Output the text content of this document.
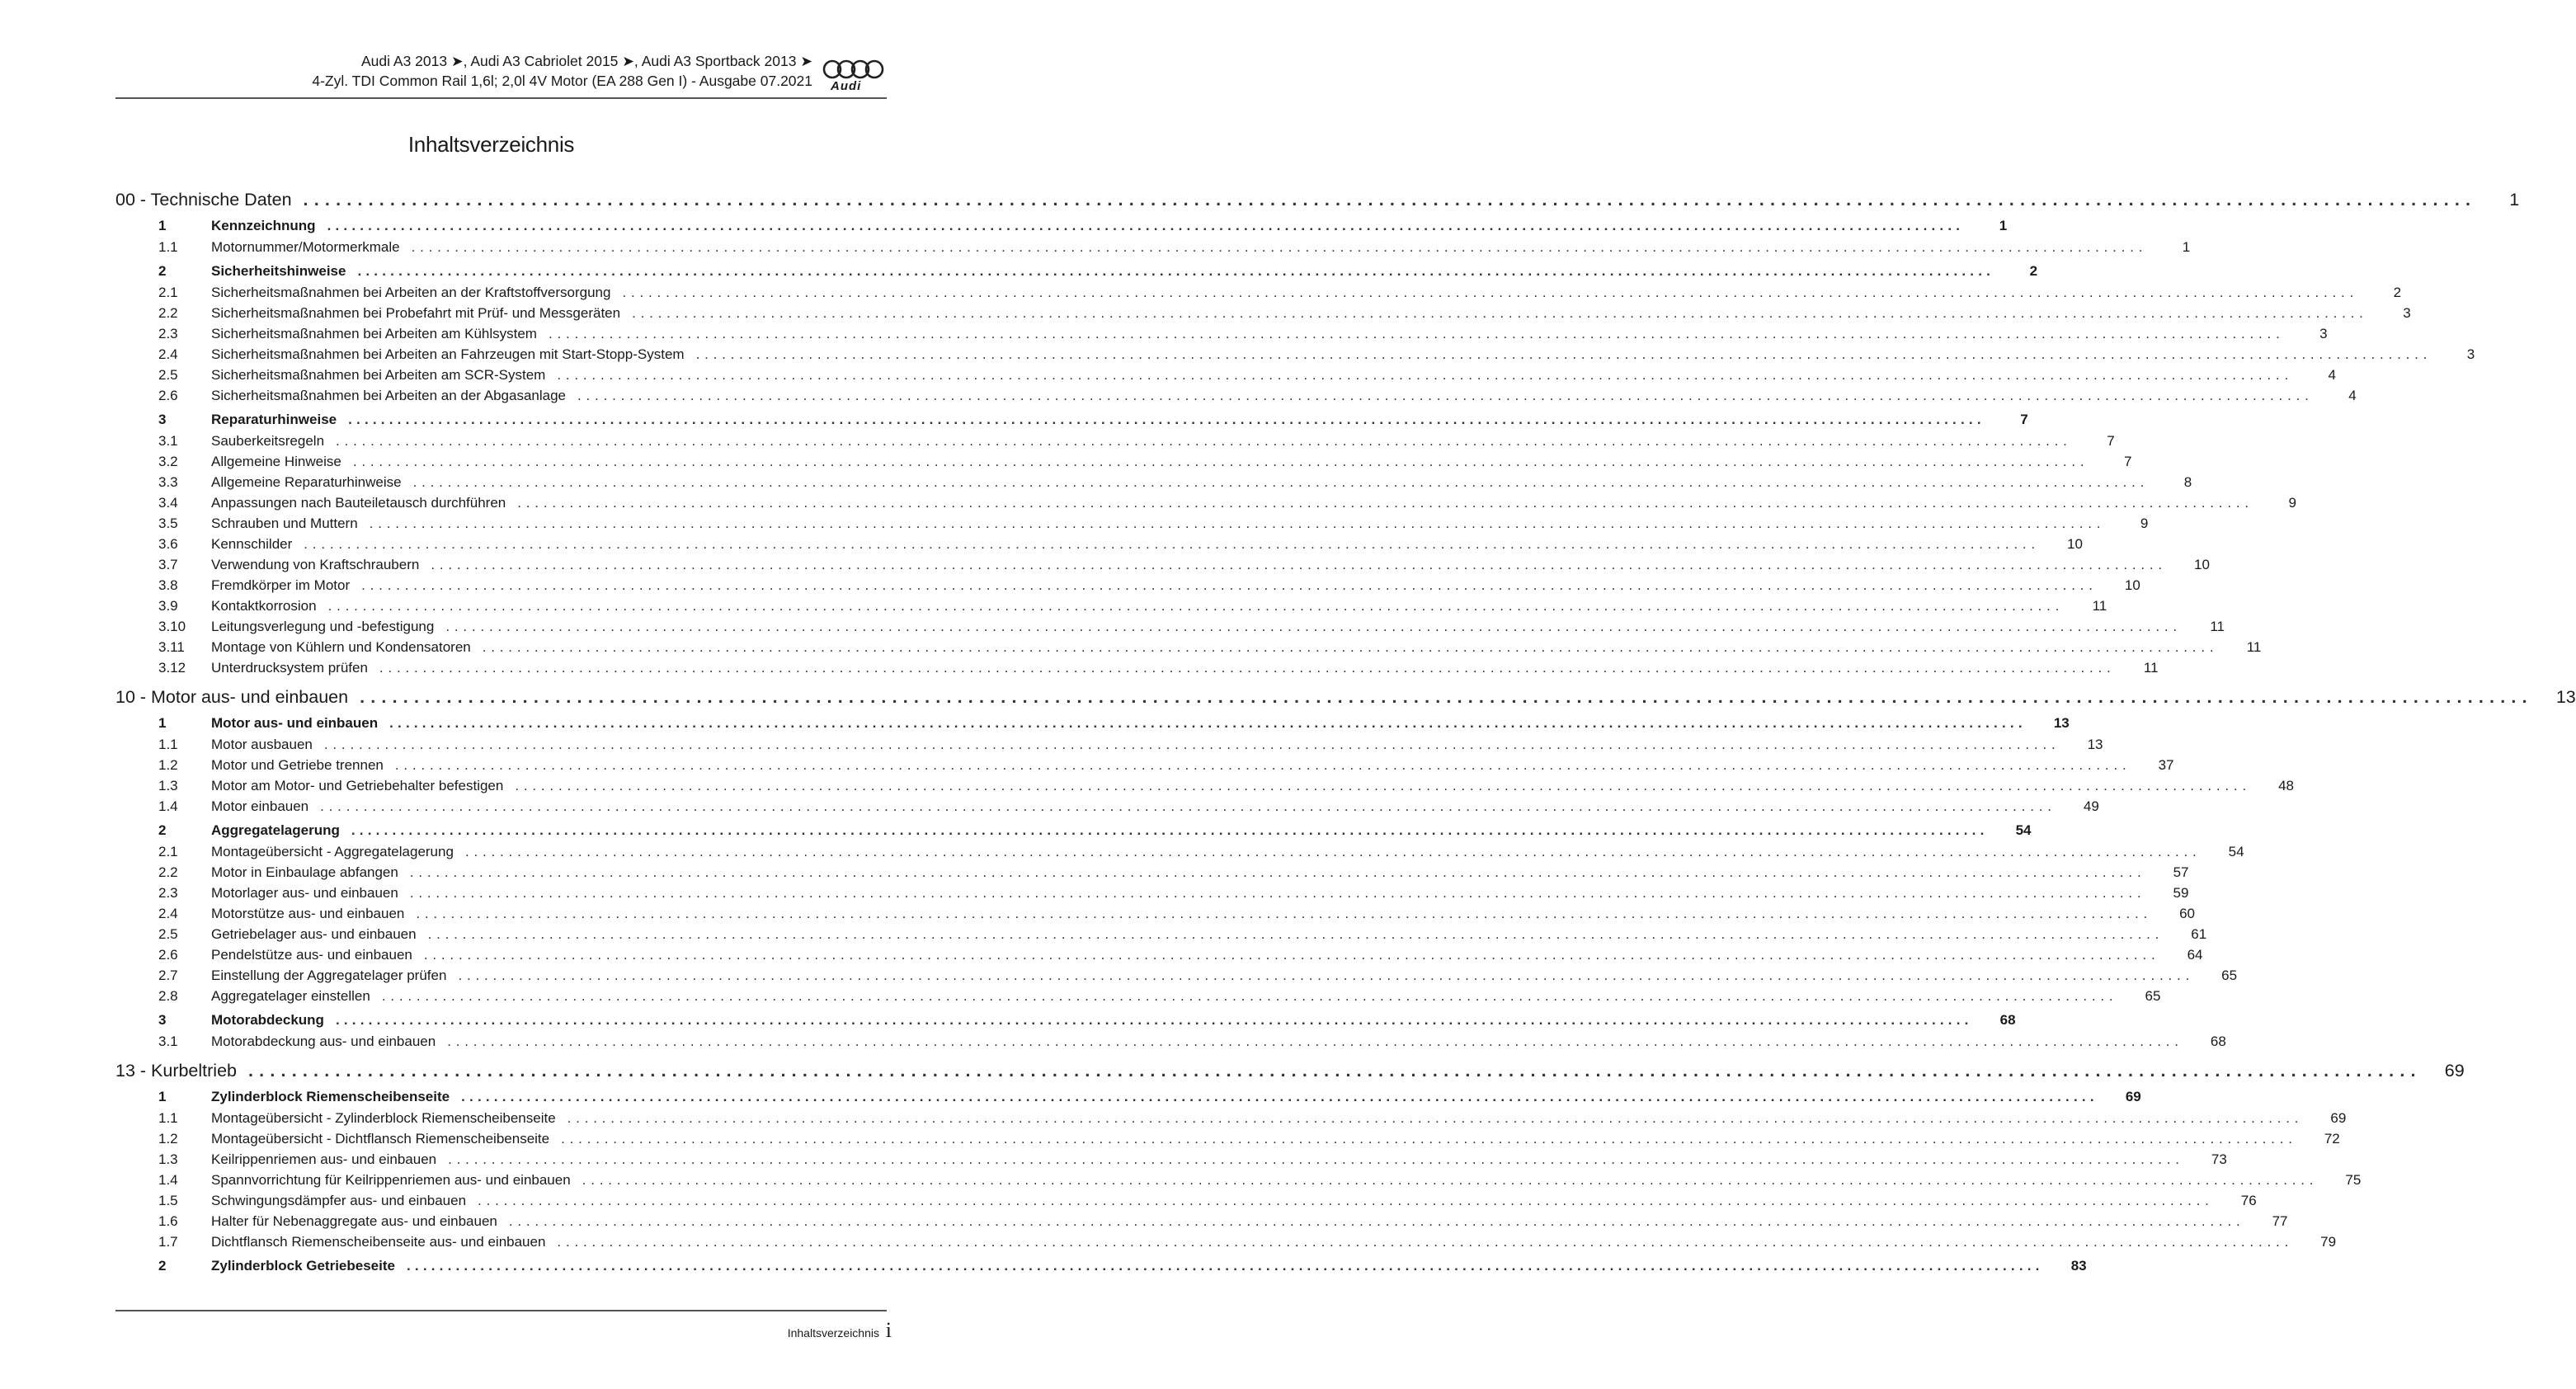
Audi A3 2013 ➤, Audi A3 Cabriolet 2015 ➤, Audi A3 Sportback 2013 ➤
4-Zyl. TDI Common Rail 1,6l; 2,0l 4V Motor (EA 288 Gen I) - Ausgabe 07.2021 Audi
Inhaltsverzeichnis
00 - Technische Daten ........................................................................................................................................................................................................	1
1	Kennzeichnung ........................................................................................................................................................................................................	1
1.1	Motornummer/Motormerkmale ........................................................................................................................................................................................................	1
2	Sicherheitshinweise ........................................................................................................................................................................................................	2
2.1	Sicherheitsmaßnahmen bei Arbeiten an der Kraftstoffversorgung ........................................................................................................................................................................................................	2
2.2	Sicherheitsmaßnahmen bei Probefahrt mit Prüf- und Messgeräten ........................................................................................................................................................................................................	3
2.3	Sicherheitsmaßnahmen bei Arbeiten am Kühlsystem ........................................................................................................................................................................................................	3
2.4	Sicherheitsmaßnahmen bei Arbeiten an Fahrzeugen mit Start-Stopp-System ........................................................................................................................................................................................................	3
2.5	Sicherheitsmaßnahmen bei Arbeiten am SCR-System ........................................................................................................................................................................................................	4
2.6	Sicherheitsmaßnahmen bei Arbeiten an der Abgasanlage ........................................................................................................................................................................................................	4
3	Reparaturhinweise ........................................................................................................................................................................................................	7
3.1	Sauberkeitsregeln ........................................................................................................................................................................................................	7
3.2	Allgemeine Hinweise ........................................................................................................................................................................................................	7
3.3	Allgemeine Reparaturhinweise ........................................................................................................................................................................................................	8
3.4	Anpassungen nach Bauteiletausch durchführen ........................................................................................................................................................................................................	9
3.5	Schrauben und Muttern ........................................................................................................................................................................................................	9
3.6	Kennschilder ........................................................................................................................................................................................................	10
3.7	Verwendung von Kraftschraubern ........................................................................................................................................................................................................	10
3.8	Fremdkörper im Motor ........................................................................................................................................................................................................	10
3.9	Kontaktkorrosion ........................................................................................................................................................................................................	11
3.10	Leitungsverlegung und -befestigung ........................................................................................................................................................................................................	11
3.11	Montage von Kühlern und Kondensatoren ........................................................................................................................................................................................................	11
3.12	Unterdrucksystem prüfen ........................................................................................................................................................................................................	11
10 - Motor aus- und einbauen ........................................................................................................................................................................................................	13
1	Motor aus- und einbauen ........................................................................................................................................................................................................	13
1.1	Motor ausbauen ........................................................................................................................................................................................................	13
1.2	Motor und Getriebe trennen ........................................................................................................................................................................................................	37
1.3	Motor am Motor- und Getriebehalter befestigen ........................................................................................................................................................................................................	48
1.4	Motor einbauen ........................................................................................................................................................................................................	49
2	Aggregatelagerung ........................................................................................................................................................................................................	54
2.1	Montageübersicht - Aggregatelagerung ........................................................................................................................................................................................................	54
2.2	Motor in Einbaulage abfangen ........................................................................................................................................................................................................	57
2.3	Motorlager aus- und einbauen ........................................................................................................................................................................................................	59
2.4	Motorstütze aus- und einbauen ........................................................................................................................................................................................................	60
2.5	Getriebelager aus- und einbauen ........................................................................................................................................................................................................	61
2.6	Pendelstütze aus- und einbauen ........................................................................................................................................................................................................	64
2.7	Einstellung der Aggregatelager prüfen ........................................................................................................................................................................................................	65
2.8	Aggregatelager einstellen ........................................................................................................................................................................................................	65
3	Motorabdeckung ........................................................................................................................................................................................................	68
3.1	Motorabdeckung aus- und einbauen ........................................................................................................................................................................................................	68
13 - Kurbeltrieb ........................................................................................................................................................................................................	69
1	Zylinderblock Riemenscheibenseite ........................................................................................................................................................................................................	69
1.1	Montageübersicht - Zylinderblock Riemenscheibenseite ........................................................................................................................................................................................................	69
1.2	Montageübersicht - Dichtflansch Riemenscheibenseite ........................................................................................................................................................................................................	72
1.3	Keilrippenriemen aus- und einbauen ........................................................................................................................................................................................................	73
1.4	Spannvorrichtung für Keilrippenriemen aus- und einbauen ........................................................................................................................................................................................................	75
1.5	Schwingungsdämpfer aus- und einbauen ........................................................................................................................................................................................................	76
1.6	Halter für Nebenaggregate aus- und einbauen ........................................................................................................................................................................................................	77
1.7	Dichtflansch Riemenscheibenseite aus- und einbauen ........................................................................................................................................................................................................	79
2	Zylinderblock Getriebeseite ........................................................................................................................................................................................................	83
Inhaltsverzeichnis i
